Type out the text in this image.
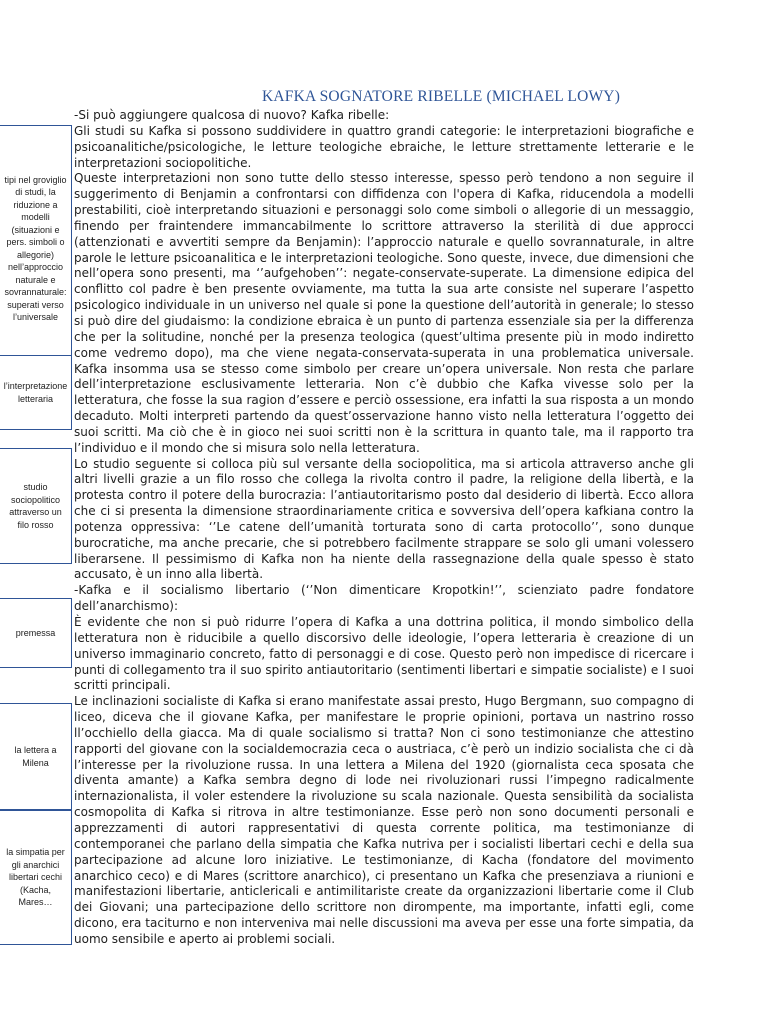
KAFKA SOGNATORE RIBELLE (MICHAEL LOWY)
tipi nel groviglio di studi, la riduzione a modelli (situazioni e pers. simboli o allegorie) nell’approccio naturale e sovrannaturale: superati verso l’universale
l’interpretazione letteraria
studio sociopolitico attraverso un filo rosso
premessa
la lettera a Milena
la simpatia per gli anarchici libertari cechi (Kacha, Mares…

-Si può aggiungere qualcosa di nuovo? Kafka ribelle:

Gli studi su Kafka si possono suddividere in quattro grandi categorie: le interpretazioni biografiche e psicoanalitiche/psicologiche, le letture teologiche ebraiche, le letture strettamente letterarie e le interpretazioni sociopolitiche.

Queste interpretazioni non sono tutte dello stesso interesse, spesso però tendono a non seguire il suggerimento di Benjamin a confrontarsi con diffidenza con l'opera di Kafka, riducendola a modelli prestabiliti, cioè interpretando situazioni e personaggi solo come simboli o allegorie di un messaggio, finendo per fraintendere immancabilmente lo scrittore attraverso la sterilità di due approcci (attenzionati e avvertiti sempre da Benjamin): l’approccio naturale e quello sovrannaturale, in altre parole le letture psicoanalitica e le interpretazioni teologiche. Sono queste, invece, due dimensioni che nell’opera sono presenti, ma ‘’aufgehoben’’: negate-conservate-superate. La dimensione edipica del conflitto col padre è ben presente ovviamente, ma tutta la sua arte consiste nel superare l’aspetto psicologico individuale in un universo nel quale si pone la questione dell’autorità in generale; lo stesso si può dire del giudaismo: la condizione ebraica è un punto di partenza essenziale sia per la differenza che per la solitudine, nonché per la presenza teologica (quest’ultima presente più in modo indiretto come vedremo dopo), ma che viene negata-conservata-superata in una problematica universale. Kafka insomma usa se stesso come simbolo per creare un’opera universale. Non resta che parlare dell’interpretazione esclusivamente letteraria. Non c’è dubbio che Kafka vivesse solo per la letteratura, che fosse la sua ragion d’essere e perciò ossessione, era infatti la sua risposta a un mondo decaduto. Molti interpreti partendo da quest’osservazione hanno visto nella letteratura l’oggetto dei suoi scritti. Ma ciò che è in gioco nei suoi scritti non è la scrittura in quanto tale, ma il rapporto tra l’individuo e il mondo che si misura solo nella letteratura.

Lo studio seguente si colloca più sul versante della sociopolitica, ma si articola attraverso anche gli altri livelli grazie a un filo rosso che collega la rivolta contro il padre, la religione della libertà, e la protesta contro il potere della burocrazia: l’antiautoritarismo posto dal desiderio di libertà. Ecco allora che ci si presenta la dimensione straordinariamente critica e sovversiva dell’opera kafkiana contro la potenza oppressiva: ‘’Le catene dell’umanità torturata sono di carta protocollo’’, sono dunque burocratiche, ma anche precarie, che si potrebbero facilmente strappare se solo gli umani volessero liberarsene. Il pessimismo di Kafka non ha niente della rassegnazione della quale spesso è stato accusato, è un inno alla libertà.

-Kafka e il socialismo libertario (‘’Non dimenticare Kropotkin!’’, scienziato padre fondatore dell’anarchismo):

È evidente che non si può ridurre l’opera di Kafka a una dottrina politica, il mondo simbolico della letteratura non è riducibile a quello discorsivo delle ideologie, l’opera letteraria è creazione di un universo immaginario concreto, fatto di personaggi e di cose. Questo però non impedisce di ricercare i punti di collegamento tra il suo spirito antiautoritario (sentimenti libertari e simpatie socialiste) e I suoi scritti principali.

Le inclinazioni socialiste di Kafka si erano manifestate assai presto, Hugo Bergmann, suo compagno di liceo, diceva che il giovane Kafka, per manifestare le proprie opinioni, portava un nastrino rosso ll’occhiello della giacca. Ma di quale socialismo si tratta? Non ci sono testimonianze che attestino rapporti del giovane con la socialdemocrazia ceca o austriaca, c’è però un indizio socialista che ci dà l’interesse per la rivoluzione russa. In una lettera a Milena del 1920 (giornalista ceca sposata che diventa amante) a Kafka sembra degno di lode nei rivoluzionari russi l’impegno radicalmente internazionalista, il voler estendere la rivoluzione su scala nazionale. Questa sensibilità da socialista cosmopolita di Kafka si ritrova in altre testimonianze. Esse però non sono documenti personali e apprezzamenti di autori rappresentativi di questa corrente politica, ma testimonianze di contemporanei che parlano della simpatia che Kafka nutriva per i socialisti libertari cechi e della sua partecipazione ad alcune loro iniziative. Le testimonianze, di Kacha (fondatore del movimento anarchico ceco) e di Mares (scrittore anarchico), ci presentano un Kafka che presenziava a riunioni e manifestazioni libertarie, anticlericali e antimilitariste create da organizzazioni libertarie come il Club dei Giovani; una partecipazione dello scrittore non dirompente, ma importante, infatti egli, come dicono, era taciturno e non interveniva mai nelle discussioni ma aveva per esse una forte simpatia, da uomo sensibile e aperto ai problemi sociali.
